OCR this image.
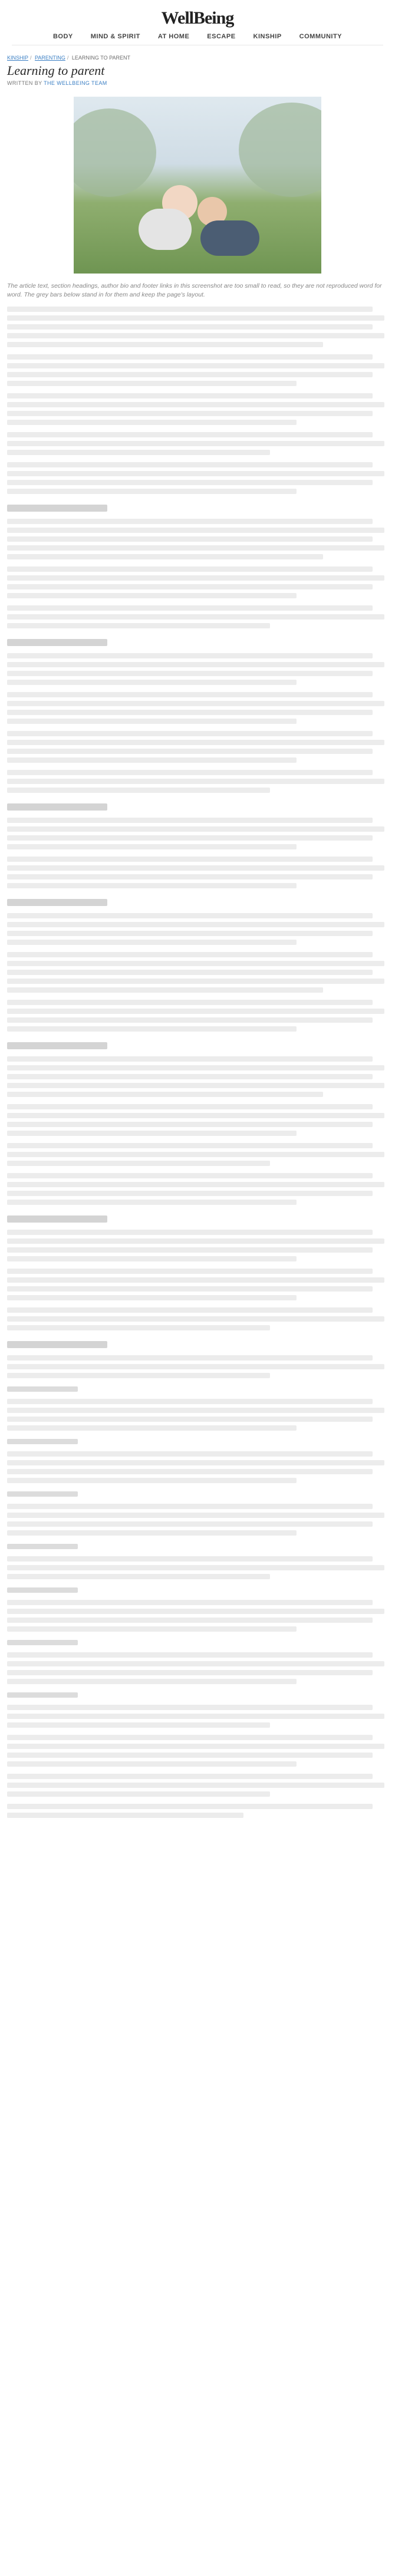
WellBeing
BODY	MIND & SPIRIT	AT HOME	ESCAPE	KINSHIP	COMMUNITY
KINSHIP / PARENTING / LEARNING TO PARENT
Learning to parent
WRITTEN BY THE WELLBEING TEAM

The article text, section headings, author bio and footer links in this screenshot are too small to read, so they are not reproduced word for word. The grey bars below stand in for them and keep the page's layout.
